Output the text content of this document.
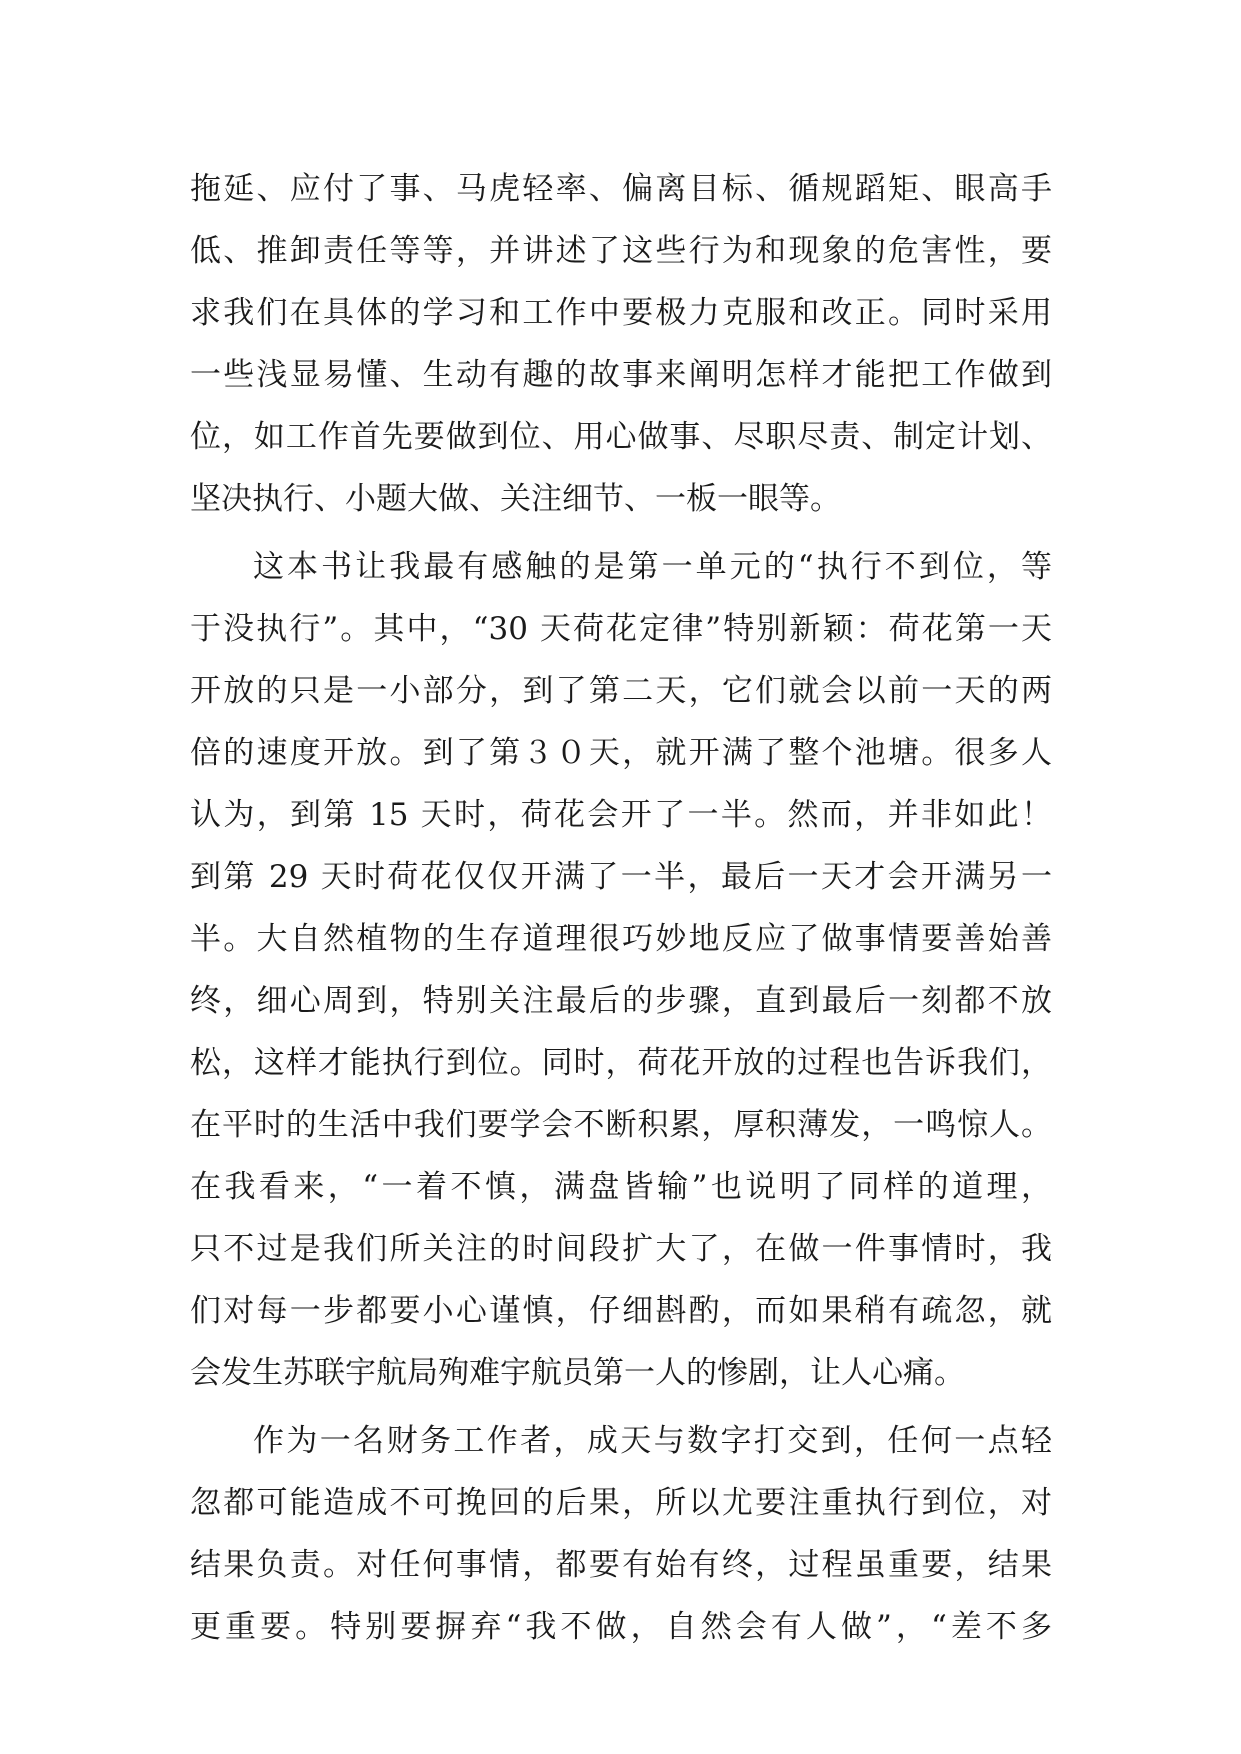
拖延、应付了事、马虎轻率、偏离目标、循规蹈矩、眼高手
低、推卸责任等等，并讲述了这些行为和现象的危害性，要
求我们在具体的学习和工作中要极力克服和改正。同时采用
一些浅显易懂、生动有趣的故事来阐明怎样才能把工作做到
位，如工作首先要做到位、用心做事、尽职尽责、制定计划、
坚决执行、小题大做、关注细节、一板一眼等。
这本书让我最有感触的是第一单元的“执行不到位，等
于没执行”。其中，“30 天荷花定律”特别新颖：荷花第一天
开放的只是一小部分，到了第二天，它们就会以前一天的两
倍的速度开放。到了第３０天，就开满了整个池塘。很多人
认为，到第 15 天时，荷花会开了一半。然而，并非如此！
到第 29 天时荷花仅仅开满了一半，最后一天才会开满另一
半。大自然植物的生存道理很巧妙地反应了做事情要善始善
终，细心周到，特别关注最后的步骤，直到最后一刻都不放
松，这样才能执行到位。同时，荷花开放的过程也告诉我们，
在平时的生活中我们要学会不断积累，厚积薄发，一鸣惊人。
在我看来，“一着不慎，满盘皆输”也说明了同样的道理，
只不过是我们所关注的时间段扩大了，在做一件事情时，我
们对每一步都要小心谨慎，仔细斟酌，而如果稍有疏忽，就
会发生苏联宇航局殉难宇航员第一人的惨剧，让人心痛。
作为一名财务工作者，成天与数字打交到，任何一点轻
忽都可能造成不可挽回的后果，所以尤要注重执行到位，对
结果负责。对任何事情，都要有始有终，过程虽重要，结果
更重要。特别要摒弃“我不做，自然会有人做”，“差不多
